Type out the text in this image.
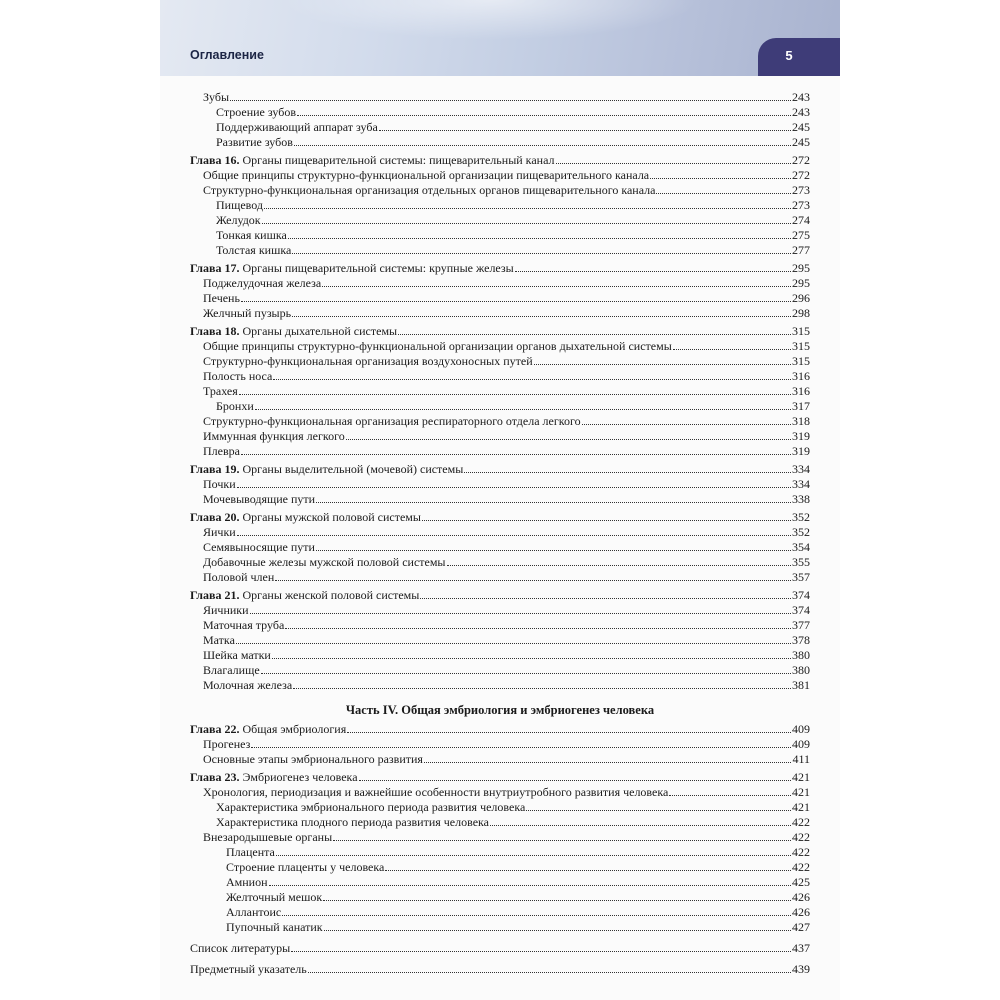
Оглавление	5
Зубы	243
Строение зубов	243
Поддерживающий аппарат зуба	245
Развитие зубов	245
Глава 16. Органы пищеварительной системы: пищеварительный канал	272
Общие принципы структурно-функциональной организации пищеварительного канала	272
Структурно-функциональная организация отдельных органов пищеварительного канала	273
Пищевод	273
Желудок	274
Тонкая кишка	275
Толстая кишка	277
Глава 17. Органы пищеварительной системы: крупные железы	295
Поджелудочная железа	295
Печень	296
Желчный пузырь	298
Глава 18. Органы дыхательной системы	315
Общие принципы структурно-функциональной организации органов дыхательной системы	315
Структурно-функциональная организация воздухоносных путей	315
Полость носа	316
Трахея	316
Бронхи	317
Структурно-функциональная организация респираторного отдела легкого	318
Иммунная функция легкого	319
Плевра	319
Глава 19. Органы выделительной (мочевой) системы	334
Почки	334
Мочевыводящие пути	338
Глава 20. Органы мужской половой системы	352
Яички	352
Семявыносящие пути	354
Добавочные железы мужской половой системы	355
Половой член	357
Глава 21. Органы женской половой системы	374
Яичники	374
Маточная труба	377
Матка	378
Шейка матки	380
Влагалище	380
Молочная железа	381
Часть IV. Общая эмбриология и эмбриогенез человека
Глава 22. Общая эмбриология	409
Прогенез	409
Основные этапы эмбрионального развития	411
Глава 23. Эмбриогенез человека	421
Хронология, периодизация и важнейшие особенности внутриутробного развития человека	421
Характеристика эмбрионального периода развития человека	421
Характеристика плодного периода развития человека	422
Внезародышевые органы	422
Плацента	422
Строение плаценты у человека	422
Амнион	425
Желточный мешок	426
Аллантоис	426
Пупочный канатик	427
Список литературы	437
Предметный указатель	439
